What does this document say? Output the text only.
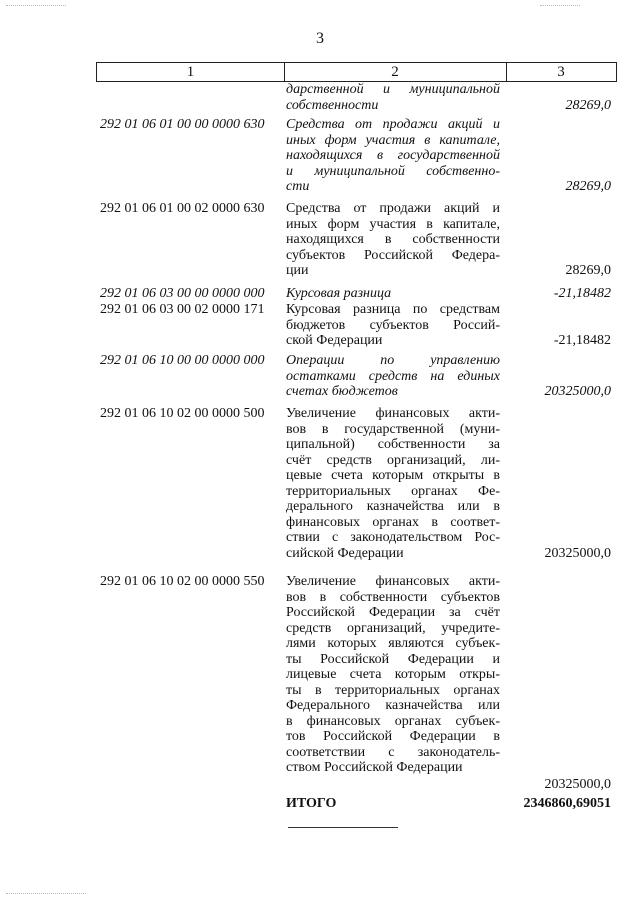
3
1	2	3
дарственной и муниципальной
собственности	28269,0
292 01 06 01 00 00 0000 630	Средства от продажи акций и
иных форм участия в капитале,
находящихся в государственной
и муниципальной собственно-
сти	28269,0
292 01 06 01 00 02 0000 630	Средства от продажи акций и
иных форм участия в капитале,
находящихся в собственности
субъектов Российской Федера-
ции	28269,0
292 01 06 03 00 00 0000 000	Курсовая разница	-21,18482
292 01 06 03 00 02 0000 171	Курсовая разница по средствам
бюджетов субъектов Россий-
ской Федерации	-21,18482
292 01 06 10 00 00 0000 000	Операции по управлению
остатками средств на единых
счетах бюджетов	20325000,0
292 01 06 10 02 00 0000 500	Увеличение финансовых акти-
вов в государственной (муни-
ципальной) собственности за
счёт средств организаций, ли-
цевые счета которым открыты в
территориальных органах Фе-
дерального казначейства или в
финансовых органах в соответ-
ствии с законодательством Рос-
сийской Федерации	20325000,0
292 01 06 10 02 00 0000 550	Увеличение финансовых акти-
вов в собственности субъектов
Российской Федерации за счёт
средств организаций, учредите-
лями которых являются субъек-
ты Российской Федерации и
лицевые счета которым откры-
ты в территориальных органах
Федерального казначейства или
в финансовых органах субъек-
тов Российской Федерации в
соответствии с законодатель-
ством Российской Федерации
20325000,0
ИТОГО	2346860,69051
